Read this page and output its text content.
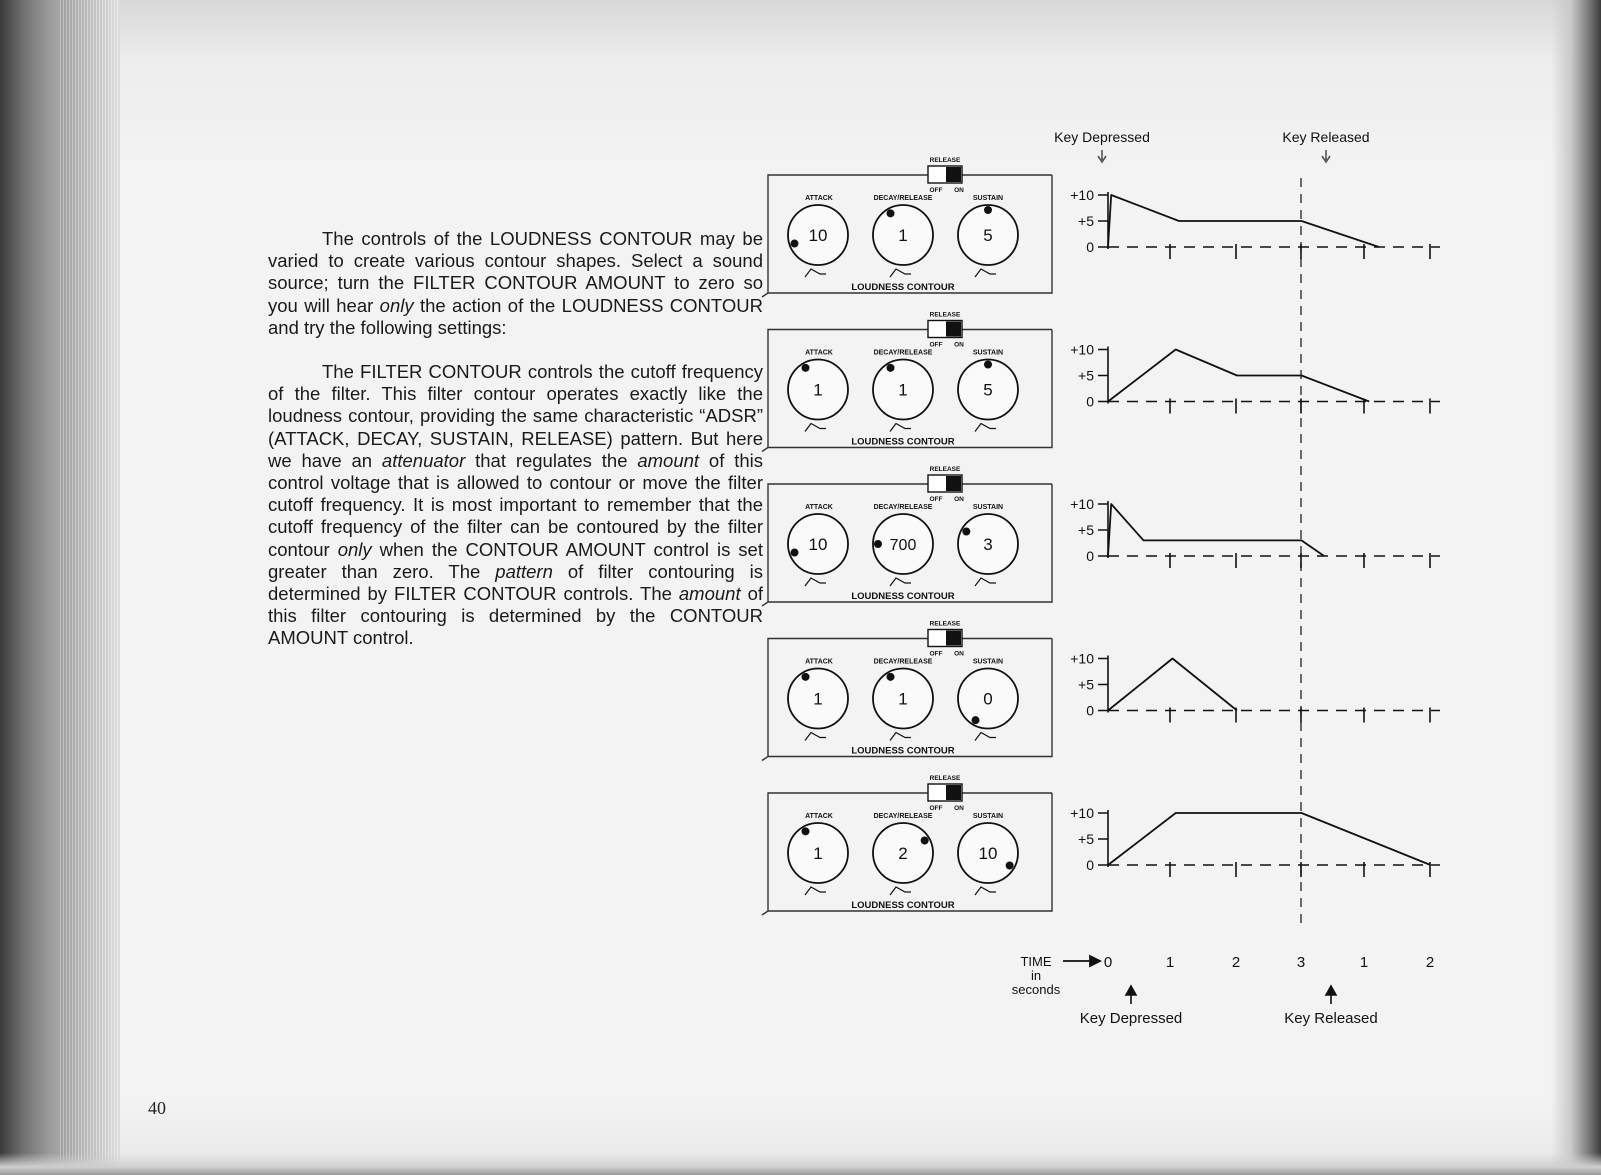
The controls of the LOUDNESS CONTOUR may be varied to create various contour shapes. Select a sound source; turn the FILTER CONTOUR AMOUNT to zero so you will hear only the action of the LOUDNESS CONTOUR and try the following settings:

The FILTER CONTOUR controls the cutoff frequency of the filter. This filter contour operates exactly like the loudness contour, providing the same characteristic “ADSR” (ATTACK, DECAY, SUSTAIN, RELEASE) pattern. But here we have an attenuator that regulates the amount of this control voltage that is allowed to contour or move the filter cutoff frequency. It is most important to remember that the cutoff frequency of the filter can be contoured by the filter contour only when the CONTOUR AMOUNT control is set greater than zero. The pattern of filter contouring is determined by FILTER CONTOUR controls. The amount of this filter contouring is determined by the CONTOUR AMOUNT control.

40
RELEASE
OFF ON
ATTACK	DECAY/RELEASE	SUSTAIN
10	1	5
LOUDNESS CONTOUR
RELEASE
OFF ON
ATTACK	DECAY/RELEASE	SUSTAIN
1	1	5
LOUDNESS CONTOUR
RELEASE
OFF ON
ATTACK	DECAY/RELEASE	SUSTAIN
10	700	3
LOUDNESS CONTOUR
RELEASE
OFF ON
ATTACK	DECAY/RELEASE	SUSTAIN
1	1	0
LOUDNESS CONTOUR
RELEASE
OFF ON
ATTACK	DECAY/RELEASE	SUSTAIN
1	2	10
LOUDNESS CONTOUR
+10
+5
0
+10
+5
0
+10
+5
0
+10
+5
0
+10
+5
0
Key Depressed	Key Released
0	1	2	3	1	2
TIME
in
seconds
Key Depressed	Key Released
